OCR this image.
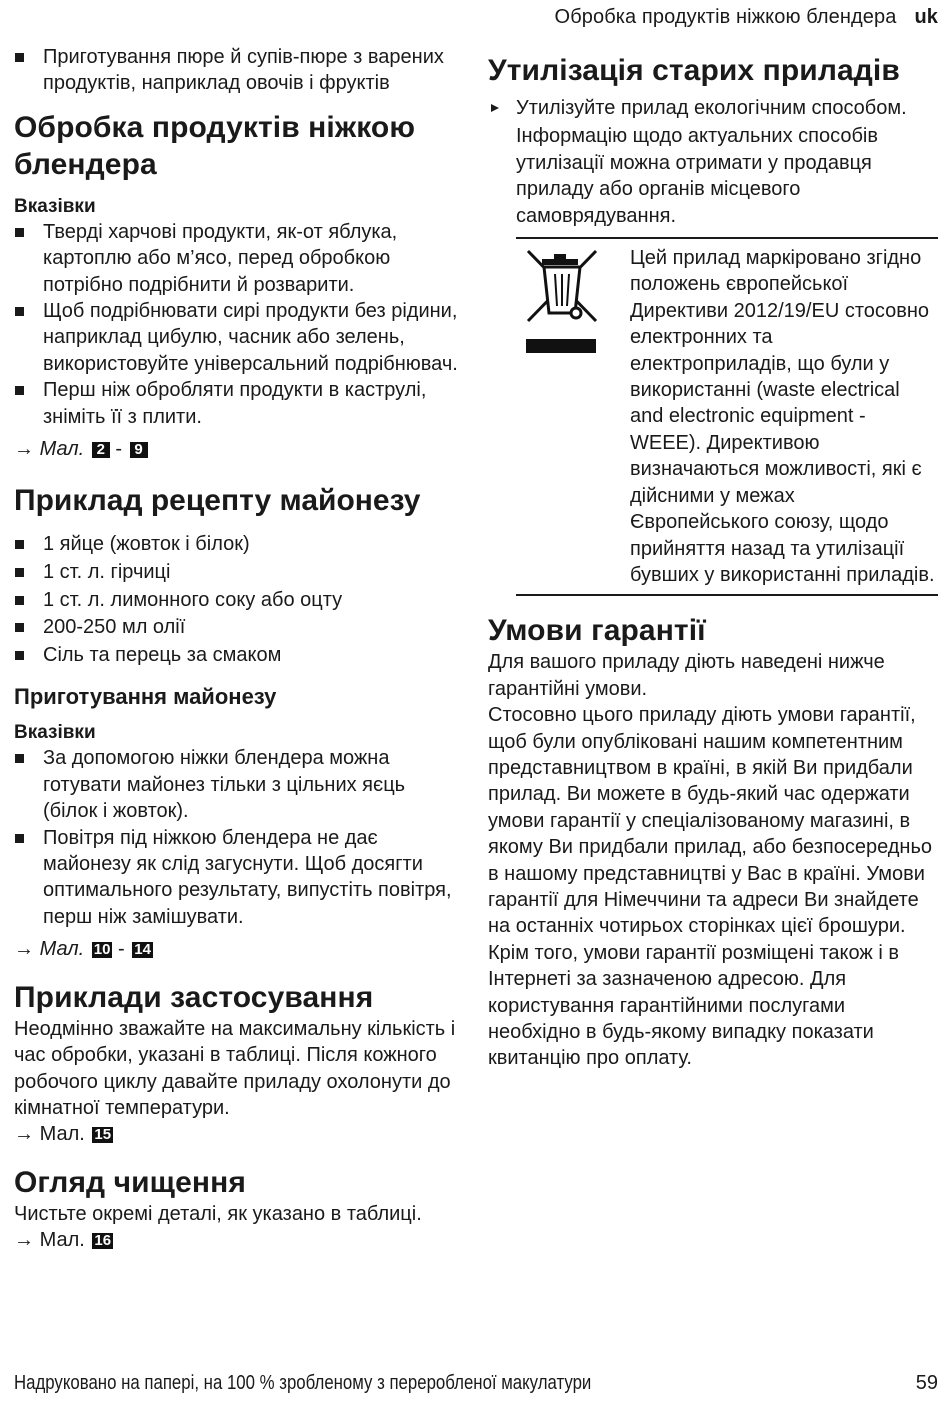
Обробка продуктів ніжкою блендера uk
Приготування пюре й супів-пюре з варених продуктів, наприклад овочів і фруктів
Обробка продуктів ніжкою
блендера
Вказівки
Тверді харчові продукти, як-от яблука, картоплю або м’ясо, перед обробкою потрібно подрібнити й розварити.
Щоб подрібнювати сирі продукти без рідини, наприклад цибулю, часник або зелень, використовуйте універсальний подрібнювач.
Перш ніж обробляти продукти в каструлі, зніміть її з плити.
→ Мал. 2 - 9
Приклад рецепту майонезу
1 яйце (жовток і білок)
1 ст. л. гірчиці
1 ст. л. лимонного соку або оцту
200-250 мл олії
Сіль та перець за смаком
Приготування майонезу
Вказівки
За допомогою ніжки блендера можна готувати майонез тільки з цільних яєць (білок і жовток).
Повітря під ніжкою блендера не дає майонезу як слід загуснути. Щоб досягти оптимального результату, випустіть повітря, перш ніж замішувати.
→ Мал. 10 - 14
Приклади застосування
Неодмінно зважайте на максимальну кількість і час обробки, указані в таблиці. Після кожного робочого циклу давайте приладу охолонути до кімнатної температури.
→ Мал. 15
Огляд чищення
Чистьте окремі деталі, як указано в таблиці.
→ Мал. 16
Утилізація старих приладів
Утилізуйте прилад екологічним способом.
Інформацію щодо актуальних способів утилізації можна отримати у продавця приладу або органів місцевого самоврядування.
Цей прилад маркіровано згідно положень європейської Директиви 2012/19/EU стосовно електронних та електроприладів, що були у використанні (waste electrical and electronic equipment - WEEE). Директивою визначаються можливості, які є дійсними у межах Європейського союзу, щодо прийняття назад та утилізації бувших у використанні приладів.
Умови гарантії
Для вашого приладу діють наведені нижче гарантійні умови.
Стосовно цього приладу діють умови гарантії, щоб були опубліковані нашим компетентним представництвом в країні, в якій Ви придбали прилад. Ви можете в будь-який час одержати умови гарантії у спеціалізованому магазині, в якому Ви придбали прилад, або безпосередньо в нашому представництві у Вас в країні. Умови гарантії для Німеччини та адреси Ви знайдете на останніх чотирьох сторінках цієї брошури. Крім того, умови гарантії розміщені також і в Інтернеті за зазначеною адресою. Для користування гарантійними послугами необхідно в будь-якому випадку показати квитанцію про оплату.
Надруковано на папері, на 100 % зробленому з переробленої макулатури	59
